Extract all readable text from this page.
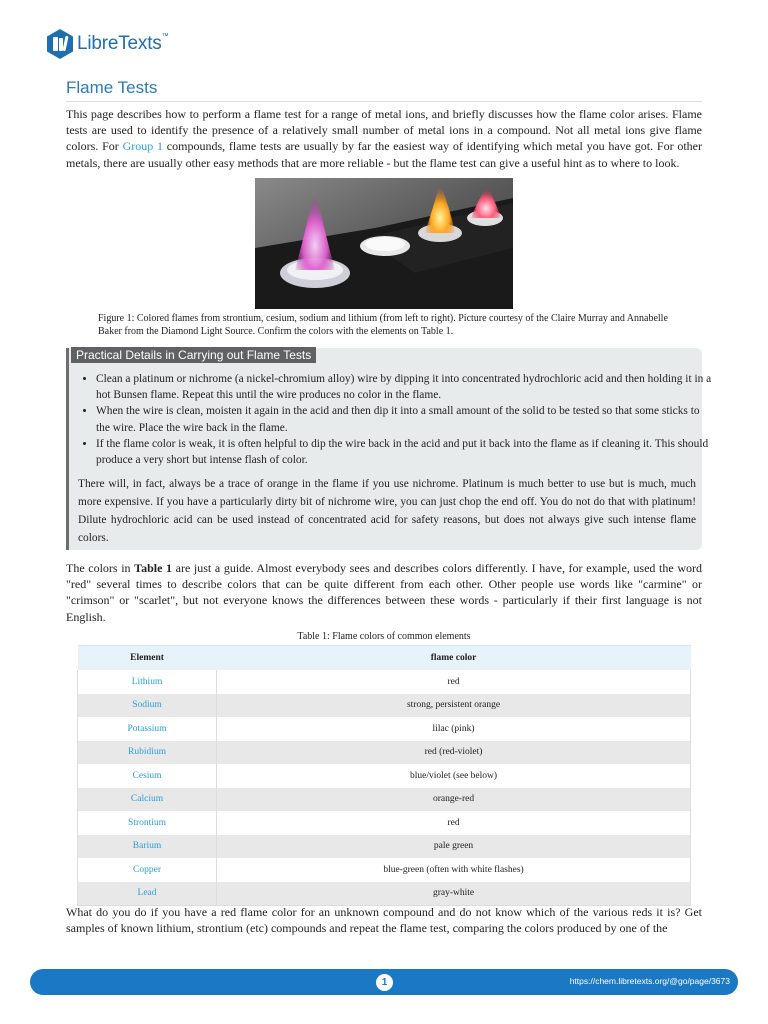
LibreTexts™
Flame Tests

This page describes how to perform a flame test for a range of metal ions, and briefly discusses how the flame color arises. Flame tests are used to identify the presence of a relatively small number of metal ions in a compound. Not all metal ions give flame colors. For Group 1 compounds, flame tests are usually by far the easiest way of identifying which metal you have got. For other metals, there are usually other easy methods that are more reliable - but the flame test can give a useful hint as to where to look.

Figure 1: Colored flames from strontium, cesium, sodium and lithium (from left to right). Picture courtesy of the Claire Murray and Annabelle Baker from the Diamond Light Source. Confirm the colors with the elements on Table 1.

Practical Details in Carrying out Flame Tests
• Clean a platinum or nichrome (a nickel-chromium alloy) wire by dipping it into concentrated hydrochloric acid and then holding it in a hot Bunsen flame. Repeat this until the wire produces no color in the flame.
• When the wire is clean, moisten it again in the acid and then dip it into a small amount of the solid to be tested so that some sticks to the wire. Place the wire back in the flame.
• If the flame color is weak, it is often helpful to dip the wire back in the acid and put it back into the flame as if cleaning it. This should produce a very short but intense flash of color.

There will, in fact, always be a trace of orange in the flame if you use nichrome. Platinum is much better to use but is much, much more expensive. If you have a particularly dirty bit of nichrome wire, you can just chop the end off. You do not do that with platinum! Dilute hydrochloric acid can be used instead of concentrated acid for safety reasons, but does not always give such intense flame colors.

The colors in Table 1 are just a guide. Almost everybody sees and describes colors differently. I have, for example, used the word "red" several times to describe colors that can be quite different from each other. Other people use words like "carmine" or "crimson" or "scarlet", but not everyone knows the differences between these words - particularly if their first language is not English.

Table 1: Flame colors of common elements
Element	flame color
Lithium	red
Sodium	strong, persistent orange
Potassium	lilac (pink)
Rubidium	red (red-violet)
Cesium	blue/violet (see below)
Calcium	orange-red
Strontium	red
Barium	pale green
Copper	blue-green (often with white flashes)
Lead	gray-white

What do you do if you have a red flame color for an unknown compound and do not know which of the various reds it is? Get samples of known lithium, strontium (etc) compounds and repeat the flame test, comparing the colors produced by one of the

1	https://chem.libretexts.org/@go/page/3673
